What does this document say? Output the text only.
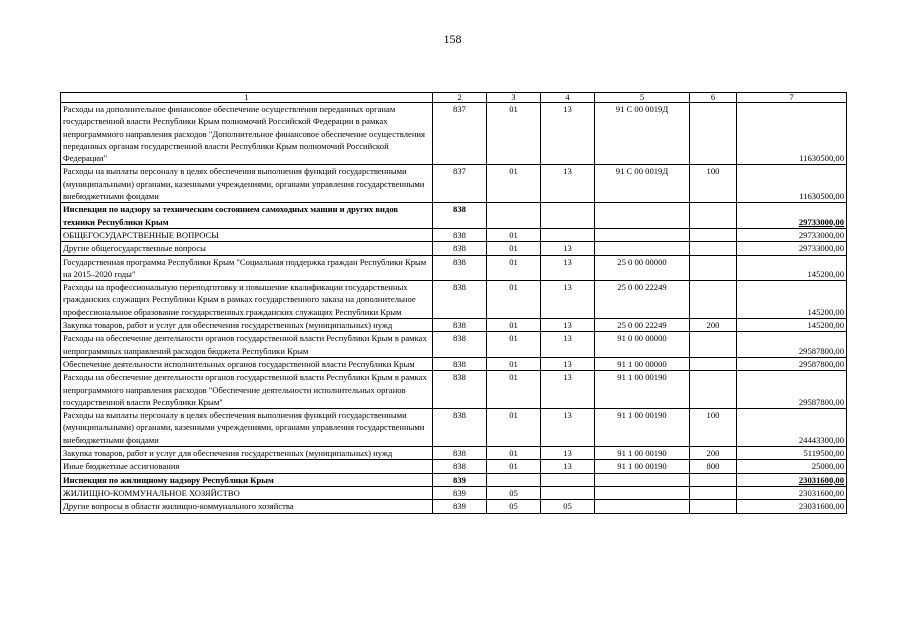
158
1	2	3	4	5	6	7
Расходы на дополнительное финансовое обеспечение осуществления переданных органам государственной власти Республики Крым полномочий Российской Федерации в рамках непрограммного направления расходов "Дополнительное финансовое обеспечение осуществления переданных органам государственной власти Республики Крым полномочий Российской Федерации"	837	01	13	91 С 00 0019Д		11630500,00
Расходы на выплаты персоналу в целях обеспечения выполнения функций государственными (муниципальными) органами, казенными учреждениями, органами управления государственными внебюджетными фондами	837	01	13	91 С 00 0019Д	100	11630500,00
Инспекция по надзору за техническим состоянием самоходных машин и других видов техники Республики Крым	838					29733000,00
ОБЩЕГОСУДАРСТВЕННЫЕ ВОПРОСЫ	838	01				29733000,00
Другие общегосударственные вопросы	838	01	13			29733000,00
Государственная программа Республики Крым "Социальная поддержка граждан Республики Крым на 2015–2020 годы"	838	01	13	25 0 00 00000		145200,00
Расходы на профессиональную переподготовку и повышение квалификации государственных гражданских служащих Республики Крым в рамках государственного заказа на дополнительное профессиональное образование государственных гражданских служащих Республики Крым	838	01	13	25 0 00 22249		145200,00
Закупка товаров, работ и услуг для обеспечения государственных (муниципальных) нужд	838	01	13	25 0 00 22249	200	145200,00
Расходы на обеспечение деятельности органов государственной власти Республики Крым в рамках непрограммных направлений расходов бюджета Республики Крым	838	01	13	91 0 00 00000		29587800,00
Обеспечение деятельности исполнительных органов государственной власти Республики Крым	838	01	13	91 1 00 00000		29587800,00
Расходы на обеспечение деятельности органов государственной власти Республики Крым в рамках непрограммного направления расходов "Обеспечение деятельности исполнительных органов государственной власти Республики Крым"	838	01	13	91 1 00 00190		29587800,00
Расходы на выплаты персоналу в целях обеспечения выполнения функций государственными (муниципальными) органами, казенными учреждениями, органами управления государственными внебюджетными фондами	838	01	13	91 1 00 00190	100	24443300,00
Закупка товаров, работ и услуг для обеспечения государственных (муниципальных) нужд	838	01	13	91 1 00 00190	200	5119500,00
Иные бюджетные ассигнования	838	01	13	91 1 00 00190	800	25000,00
Инспекция по жилищному надзору Республики Крым	839					23031600,00
ЖИЛИЩНО-КОММУНАЛЬНОЕ ХОЗЯЙСТВО	839	05				23031600,00
Другие вопросы в области жилищно-коммунального хозяйства	839	05	05			23031600,00
